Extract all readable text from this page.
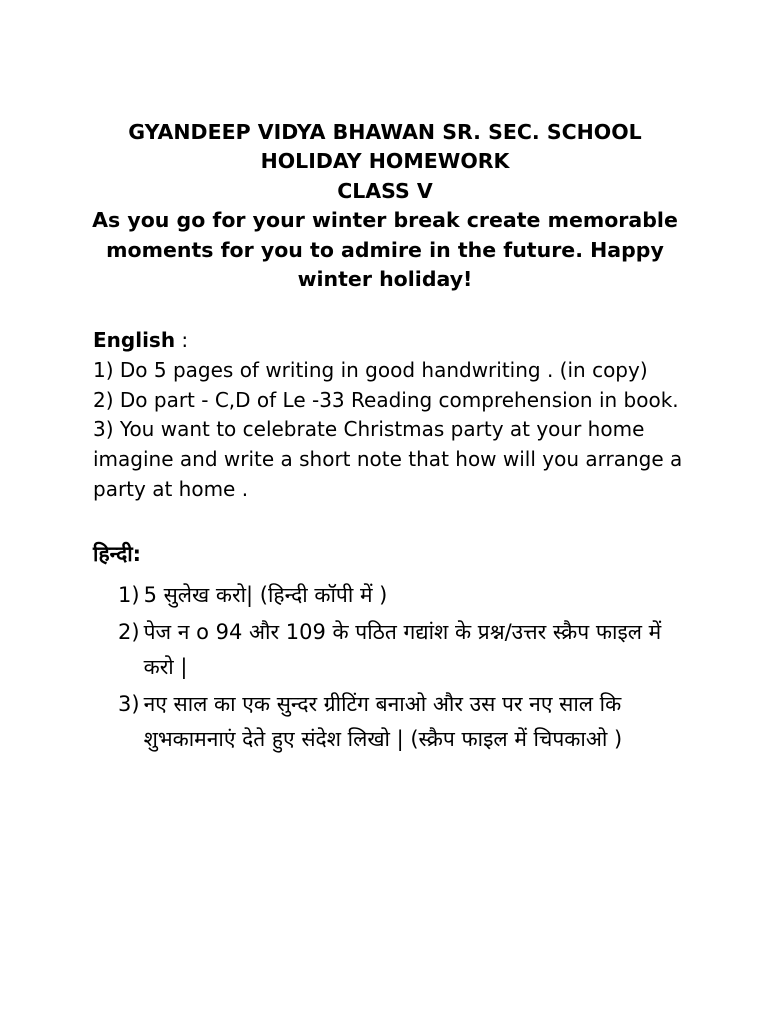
GYANDEEP VIDYA BHAWAN SR. SEC. SCHOOL
HOLIDAY HOMEWORK
CLASS V
As you go for your winter break create memorable moments for you to admire in the future. Happy winter holiday!

English :

1) Do 5 pages of writing in good handwriting . (in copy)

2) Do part - C,D of Le -33 Reading comprehension in book.

3) You want to celebrate Christmas party at your home imagine and write a short note that how will you arrange a party at home .

हिन्दी:
1) 5 सुलेख करो| (हिन्दी कॉपी में )
2) पेज न o 94 और 109 के पठित गद्यांश के प्रश्न/उत्तर स्क्रैप फाइल में करो |
3) नए साल का एक सुन्दर ग्रीटिंग बनाओ और उस पर नए साल कि शुभकामनाएं देते हुए संदेश लिखो | (स्क्रैप फाइल में चिपकाओ )
